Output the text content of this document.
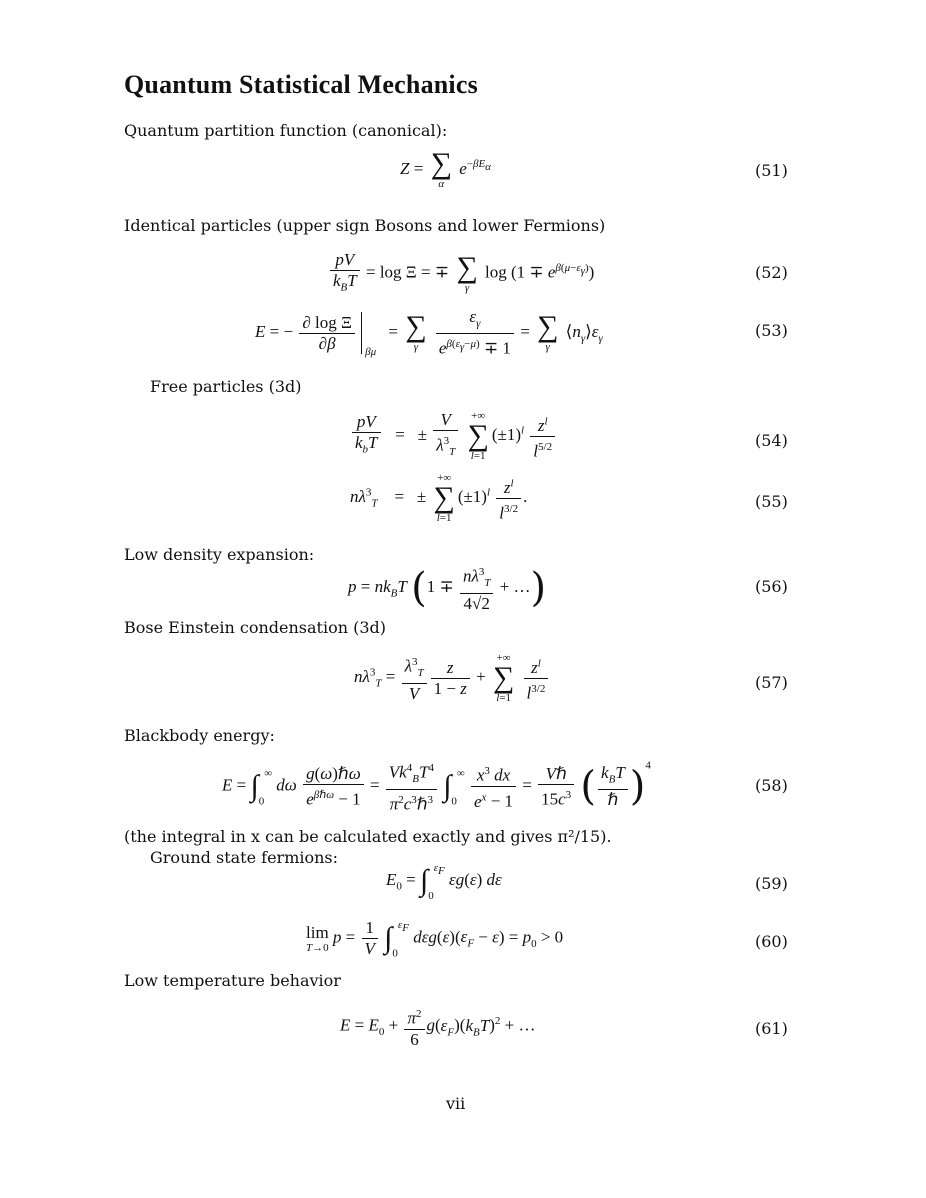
Quantum Statistical Mechanics
Quantum partition function (canonical):
Z = ∑
α
$e^{-\beta E_\alpha}$	(51)
Identical particles (upper sign Bosons and lower Fermions)
$\frac{pV}{k_BT} = \log \Xi$ = ∓ ∑
γ
$\log (1 \mp e^{\beta(\mu-\varepsilon_\gamma)})$	(52)
E = − $\frac{\text{∂ log Ξ}}{\partial\beta}$
βμ
= ∑
γ
	$\frac{\varepsilon_\gamma}{e^{\beta(\varepsilon_\gamma-\mu)} \mp 1}$ = ∑
γ
$⟨n_\gamma⟩\varepsilon_\gamma$	(53)
Free particles (3d)
$\frac{pV}{k_bT}$ =   ± $\frac{V}{\lambda^3_T}$
	+∞
∑
l=1
$(\pm 1)^l \frac{z^l}{l^{5/2}}$	(54)
$n\lambda^3_T$    =   ±
+∞
∑
l=1
$(\pm 1)^l \frac{z^l}{l^{3/2}}$ .	(55)
Low density expansion:
$p = nk_BT$ ($1 \mp \frac{n\lambda^3_T}{4√2}$ + …)	(56)
Bose Einstein condensation (3d)
$n\lambda^3_T = \frac{\lambda^3_T}{V} \frac{z}{1 - z}$ +
+∞
∑
l=1
$\frac{z^l}{l^{3/2}}$	(57)
Blackbody energy:
$E = \int_0^\infty$ dω $\frac{\text{g(ω)ℏω}}{e^{\beta\hbar\omega} - 1} = \frac{Vk^4_BT^4}{\pi^2c^3\hbar^3} \int_0^\infty \frac{x^3 dx}{e^x - 1} = \frac{\text{Vℏ}}{15c^3}$ ( $\frac{k_BT}{\text{ℏ}} )^4$
(58)
(the integral in x can be calculated exactly and gives π²/15).
Ground state fermions:
$E_0 = \int_0^{\varepsilon_F}$ εg(ε) dε	(59)
lim
T→0
$p = \frac{1}{V} \int_0^{\varepsilon_F}$ $d\varepsilon g(\varepsilon)(\varepsilon_F - \varepsilon) = p_0 > 0$	(60)
Low temperature behavior
$E = E_0 + \frac{\pi^2}{6} g(\varepsilon_F)(k_BT)^2$ + …	(61)
vii
